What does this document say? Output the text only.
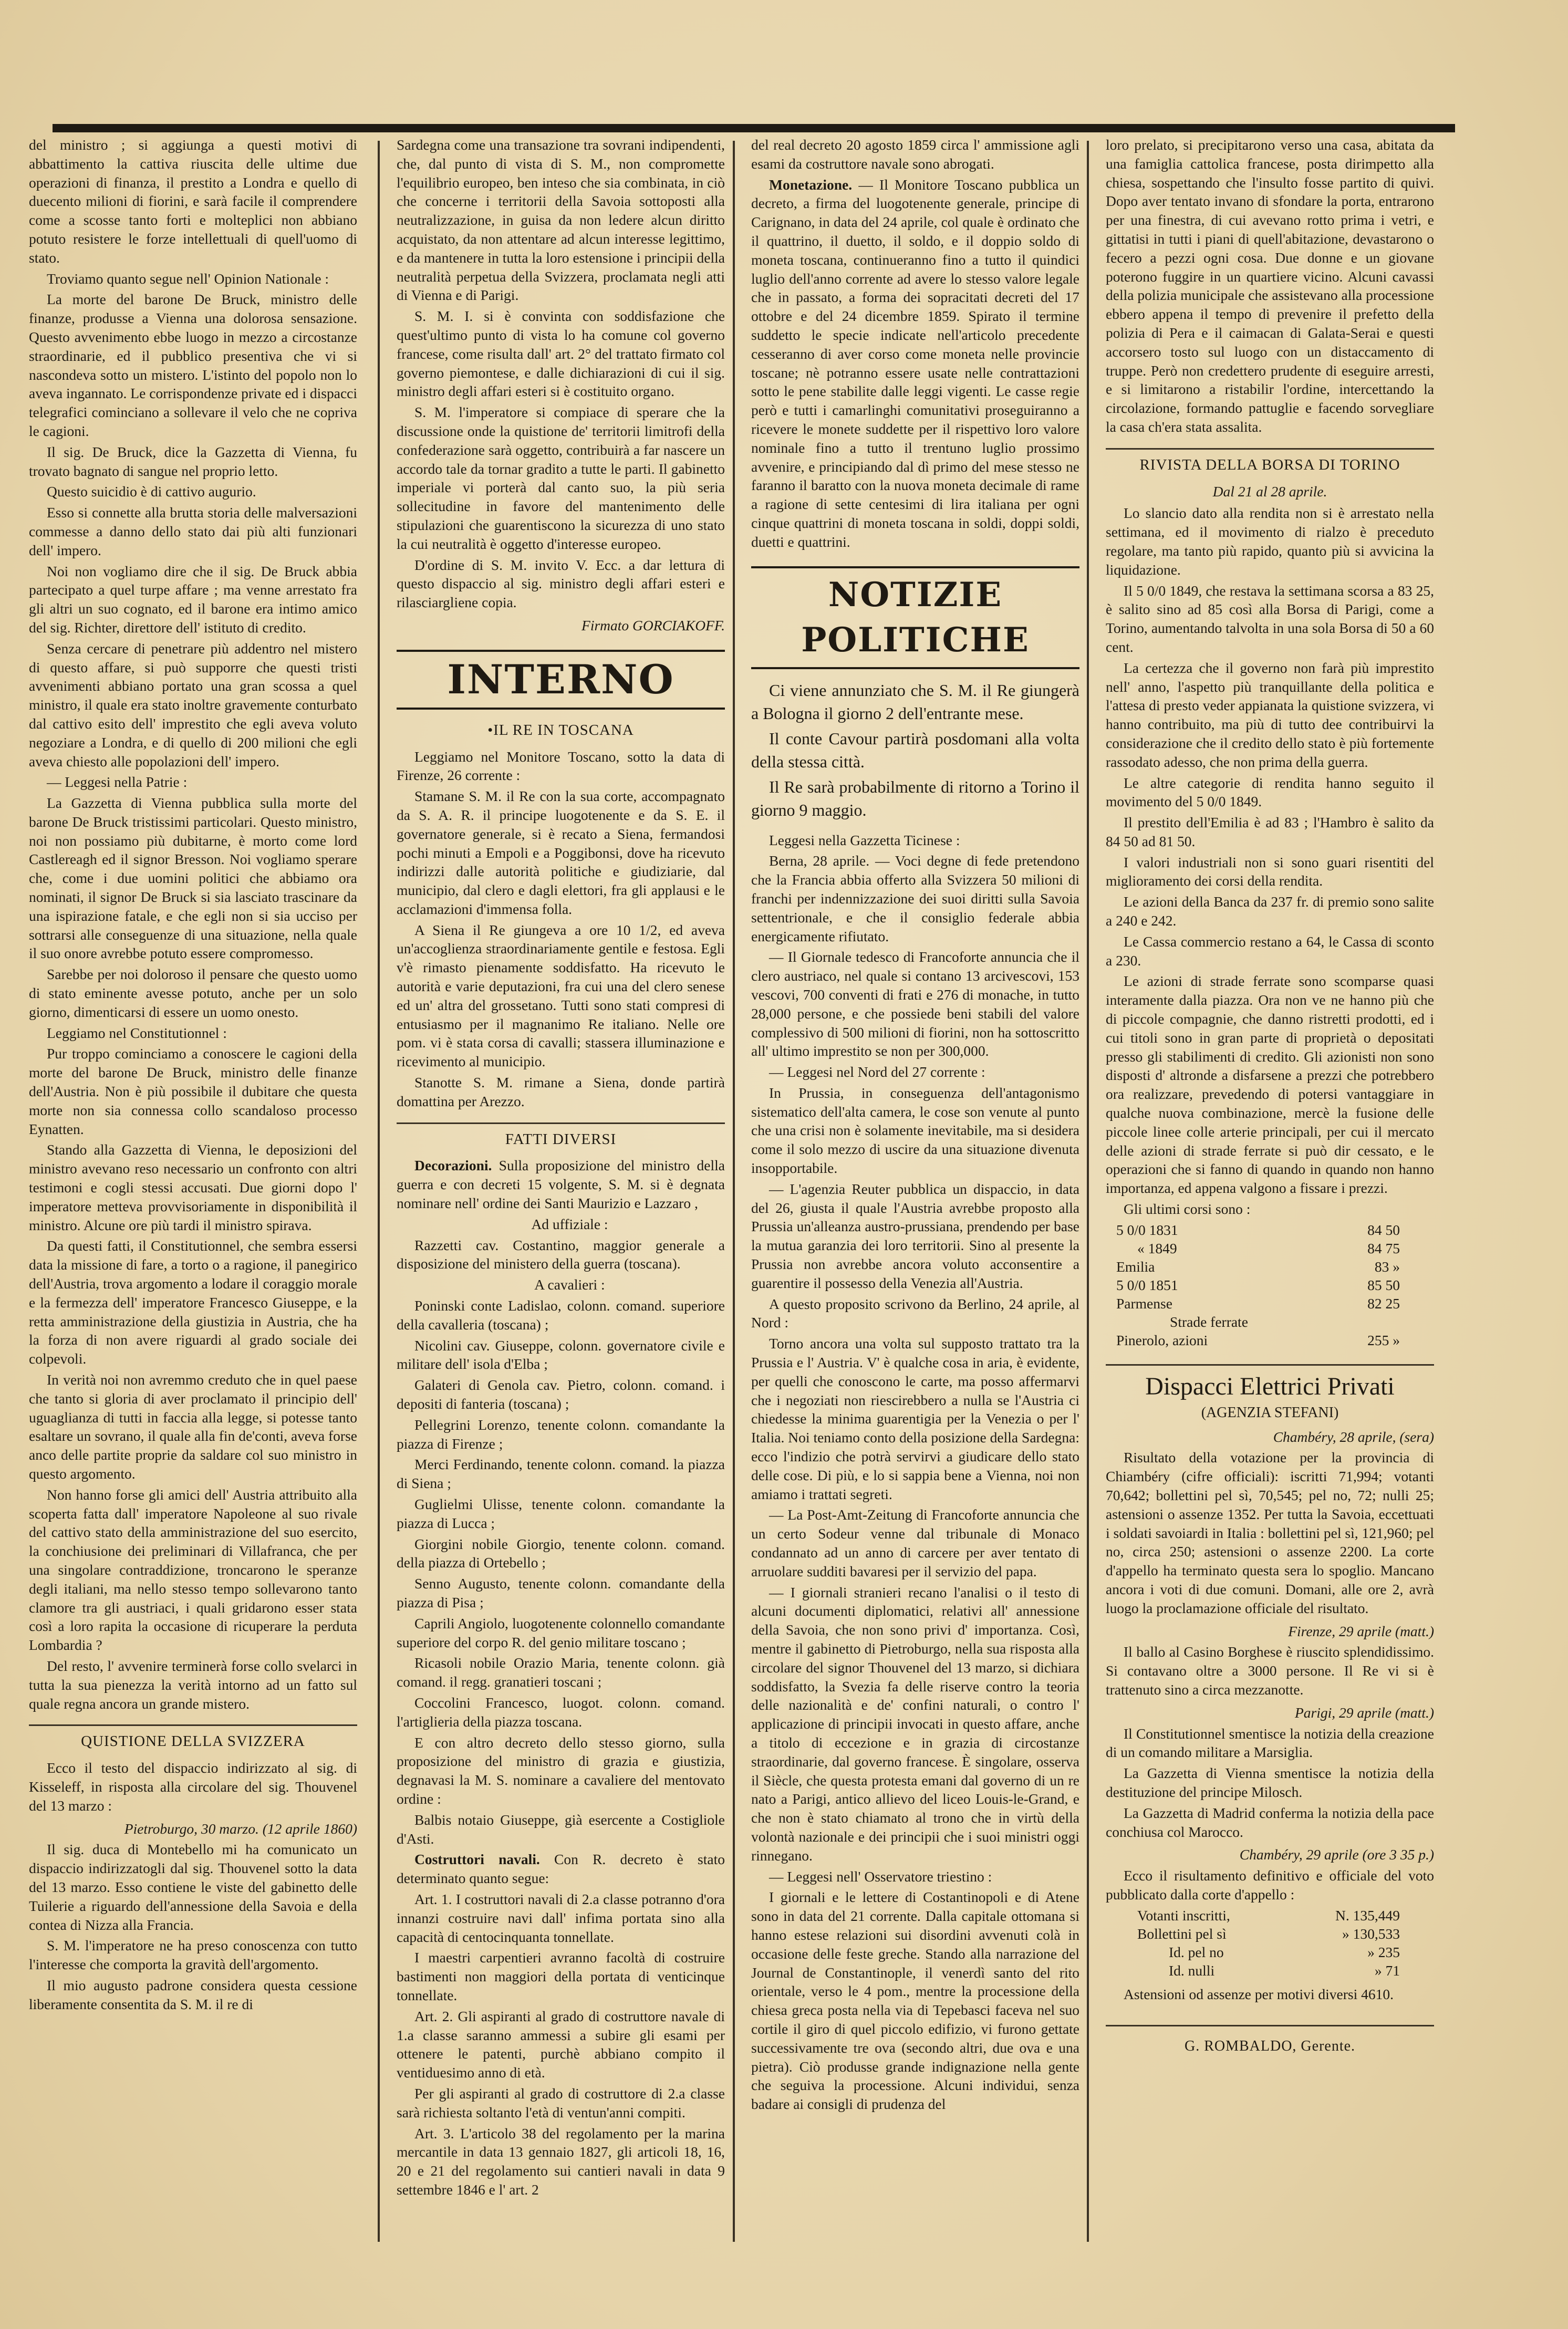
del ministro ; si aggiunga a questi motivi di abbattimento la cattiva riuscita delle ultime due operazioni di finanza, il prestito a Londra e quello di duecento milioni di fiorini, e sarà facile il comprendere come a scosse tanto forti e molteplici non abbiano potuto resistere le forze intellettuali di quell'uomo di stato.

Troviamo quanto segue nell' Opinion Nationale :

La morte del barone De Bruck, ministro delle finanze, produsse a Vienna una dolorosa sensazione. Questo avvenimento ebbe luogo in mezzo a circostanze straordinarie, ed il pubblico presentiva che vi si nascondeva sotto un mistero. L'istinto del popolo non lo aveva ingannato. Le corrispondenze private ed i dispacci telegrafici cominciano a sollevare il velo che ne copriva le cagioni.

Il sig. De Bruck, dice la Gazzetta di Vienna, fu trovato bagnato di sangue nel proprio letto.

Questo suicidio è di cattivo augurio.

Esso si connette alla brutta storia delle malversazioni commesse a danno dello stato dai più alti funzionari dell' impero.

Noi non vogliamo dire che il sig. De Bruck abbia partecipato a quel turpe affare ; ma venne arrestato fra gli altri un suo cognato, ed il barone era intimo amico del sig. Richter, direttore dell' istituto di credito.

Senza cercare di penetrare più addentro nel mistero di questo affare, si può supporre che questi tristi avvenimenti abbiano portato una gran scossa a quel ministro, il quale era stato inoltre gravemente conturbato dal cattivo esito dell' imprestito che egli aveva voluto negoziare a Londra, e di quello di 200 milioni che egli aveva chiesto alle popolazioni dell' impero.

— Leggesi nella Patrie :

La Gazzetta di Vienna pubblica sulla morte del barone De Bruck tristissimi particolari. Questo ministro, noi non possiamo più dubitarne, è morto come lord Castlereagh ed il signor Bresson. Noi vogliamo sperare che, come i due uomini politici che abbiamo ora nominati, il signor De Bruck si sia lasciato trascinare da una ispirazione fatale, e che egli non si sia ucciso per sottrarsi alle conseguenze di una situazione, nella quale il suo onore avrebbe potuto essere compromesso.

Sarebbe per noi doloroso il pensare che questo uomo di stato eminente avesse potuto, anche per un solo giorno, dimenticarsi di essere un uomo onesto.

Leggiamo nel Constitutionnel :

Pur troppo cominciamo a conoscere le cagioni della morte del barone De Bruck, ministro delle finanze dell'Austria. Non è più possibile il dubitare che questa morte non sia connessa collo scandaloso processo Eynatten.

Stando alla Gazzetta di Vienna, le deposizioni del ministro avevano reso necessario un confronto con altri testimoni e cogli stessi accusati. Due giorni dopo l' imperatore metteva provvisoriamente in disponibilità il ministro. Alcune ore più tardi il ministro spirava.

Da questi fatti, il Constitutionnel, che sembra essersi data la missione di fare, a torto o a ragione, il panegirico dell'Austria, trova argomento a lodare il coraggio morale e la fermezza dell' imperatore Francesco Giuseppe, e la retta amministrazione della giustizia in Austria, che ha la forza di non avere riguardi al grado sociale dei colpevoli.

In verità noi non avremmo creduto che in quel paese che tanto si gloria di aver proclamato il principio dell' uguaglianza di tutti in faccia alla legge, si potesse tanto esaltare un sovrano, il quale alla fin de'conti, aveva forse anco delle partite proprie da saldare col suo ministro in questo argomento.

Non hanno forse gli amici dell' Austria attribuito alla scoperta fatta dall' imperatore Napoleone al suo rivale del cattivo stato della amministrazione del suo esercito, la conchiusione dei preliminari di Villafranca, che per una singolare contraddizione, troncarono le speranze degli italiani, ma nello stesso tempo sollevarono tanto clamore tra gli austriaci, i quali gridarono esser stata così a loro rapita la occasione di ricuperare la perduta Lombardia ?

Del resto, l' avvenire terminerà forse collo svelarci in tutta la sua pienezza la verità intorno ad un fatto sul quale regna ancora un grande mistero.

QUISTIONE DELLA SVIZZERA

Ecco il testo del dispaccio indirizzato al sig. di Kisseleff, in risposta alla circolare del sig. Thouvenel del 13 marzo :

Pietroburgo, 30 marzo. (12 aprile 1860)

Il sig. duca di Montebello mi ha comunicato un dispaccio indirizzatogli dal sig. Thouvenel sotto la data del 13 marzo. Esso contiene le viste del gabinetto delle Tuilerie a riguardo dell'annessione della Savoia e della contea di Nizza alla Francia.

S. M. l'imperatore ne ha preso conoscenza con tutto l'interesse che comporta la gravità dell'argomento.

Il mio augusto padrone considera questa cessione liberamente consentita da S. M. il re di

Sardegna come una transazione tra sovrani indipendenti, che, dal punto di vista di S. M., non compromette l'equilibrio europeo, ben inteso che sia combinata, in ciò che concerne i territorii della Savoia sottoposti alla neutralizzazione, in guisa da non ledere alcun diritto acquistato, da non attentare ad alcun interesse legittimo, e da mantenere in tutta la loro estensione i principii della neutralità perpetua della Svizzera, proclamata negli atti di Vienna e di Parigi.

S. M. I. si è convinta con soddisfazione che quest'ultimo punto di vista lo ha comune col governo francese, come risulta dall' art. 2° del trattato firmato col governo piemontese, e dalle dichiarazioni di cui il sig. ministro degli affari esteri si è costituito organo.

S. M. l'imperatore si compiace di sperare che la discussione onde la quistione de' territorii limitrofi della confederazione sarà oggetto, contribuirà a far nascere un accordo tale da tornar gradito a tutte le parti. Il gabinetto imperiale vi porterà dal canto suo, la più seria sollecitudine in favore del mantenimento delle stipulazioni che guarentiscono la sicurezza di uno stato la cui neutralità è oggetto d'interesse europeo.

D'ordine di S. M. invito V. Ecc. a dar lettura di questo dispaccio al sig. ministro degli affari esteri e rilasciargliene copia.

Firmato GORCIAKOFF.
INTERNO
•IL RE IN TOSCANA

Leggiamo nel Monitore Toscano, sotto la data di Firenze, 26 corrente :

Stamane S. M. il Re con la sua corte, accompagnato da S. A. R. il principe luogotenente e da S. E. il governatore generale, si è recato a Siena, fermandosi pochi minuti a Empoli e a Poggibonsi, dove ha ricevuto indirizzi dalle autorità politiche e giudiziarie, dal municipio, dal clero e dagli elettori, fra gli applausi e le acclamazioni d'immensa folla.

A Siena il Re giungeva a ore 10 1/2, ed aveva un'accoglienza straordinariamente gentile e festosa. Egli v'è rimasto pienamente soddisfatto. Ha ricevuto le autorità e varie deputazioni, fra cui una del clero senese ed un' altra del grossetano. Tutti sono stati compresi di entusiasmo per il magnanimo Re italiano. Nelle ore pom. vi è stata corsa di cavalli; stassera illuminazione e ricevimento al municipio.

Stanotte S. M. rimane a Siena, donde partirà domattina per Arezzo.

FATTI DIVERSI

Decorazioni. Sulla proposizione del ministro della guerra e con decreti 15 volgente, S. M. si è degnata nominare nell' ordine dei Santi Maurizio e Lazzaro ,

Ad uffiziale :

Razzetti cav. Costantino, maggior generale a disposizione del ministero della guerra (toscana).

A cavalieri :

Poninski conte Ladislao, colonn. comand. superiore della cavalleria (toscana) ;

Nicolini cav. Giuseppe, colonn. governatore civile e militare dell' isola d'Elba ;

Galateri di Genola cav. Pietro, colonn. comand. i depositi di fanteria (toscana) ;

Pellegrini Lorenzo, tenente colonn. comandante la piazza di Firenze ;

Merci Ferdinando, tenente colonn. comand. la piazza di Siena ;

Guglielmi Ulisse, tenente colonn. comandante la piazza di Lucca ;

Giorgini nobile Giorgio, tenente colonn. comand. della piazza di Ortebello ;

Senno Augusto, tenente colonn. comandante della piazza di Pisa ;

Caprili Angiolo, luogotenente colonnello comandante superiore del corpo R. del genio militare toscano ;

Ricasoli nobile Orazio Maria, tenente colonn. già comand. il regg. granatieri toscani ;

Coccolini Francesco, luogot. colonn. comand. l'artiglieria della piazza toscana.

E con altro decreto dello stesso giorno, sulla proposizione del ministro di grazia e giustizia, degnavasi la M. S. nominare a cavaliere del mentovato ordine :

Balbis notaio Giuseppe, già esercente a Costigliole d'Asti.

Costruttori navali. Con R. decreto è stato determinato quanto segue:

Art. 1. I costruttori navali di 2.a classe potranno d'ora innanzi costruire navi dall' infima portata sino alla capacità di centocinquanta tonnellate.

I maestri carpentieri avranno facoltà di costruire bastimenti non maggiori della portata di venticinque tonnellate.

Art. 2. Gli aspiranti al grado di costruttore navale di 1.a classe saranno ammessi a subire gli esami per ottenere le patenti, purchè abbiano compito il ventiduesimo anno di età.

Per gli aspiranti al grado di costruttore di 2.a classe sarà richiesta soltanto l'età di ventun'anni compiti.

Art. 3. L'articolo 38 del regolamento per la marina mercantile in data 13 gennaio 1827, gli articoli 18, 16, 20 e 21 del regolamento sui cantieri navali in data 9 settembre 1846 e l' art. 2

del real decreto 20 agosto 1859 circa l' ammissione agli esami da costruttore navale sono abrogati.

Monetazione. — Il Monitore Toscano pubblica un decreto, a firma del luogotenente generale, principe di Carignano, in data del 24 aprile, col quale è ordinato che il quattrino, il duetto, il soldo, e il doppio soldo di moneta toscana, continueranno fino a tutto il quindici luglio dell'anno corrente ad avere lo stesso valore legale che in passato, a forma dei sopracitati decreti del 17 ottobre e del 24 dicembre 1859. Spirato il termine suddetto le specie indicate nell'articolo precedente cesseranno di aver corso come moneta nelle provincie toscane; nè potranno essere usate nelle contrattazioni sotto le pene stabilite dalle leggi vigenti. Le casse regie però e tutti i camarlinghi comunitativi proseguiranno a ricevere le monete suddette per il rispettivo loro valore nominale fino a tutto il trentuno luglio prossimo avvenire, e principiando dal dì primo del mese stesso ne faranno il baratto con la nuova moneta decimale di rame a ragione di sette centesimi di lira italiana per ogni cinque quattrini di moneta toscana in soldi, doppi soldi, duetti e quattrini.

NOTIZIE POLITICHE

Ci viene annunziato che S. M. il Re giungerà a Bologna il giorno 2 dell'entrante mese.

Il conte Cavour partirà posdomani alla volta della stessa città.

Il Re sarà probabilmente di ritorno a Torino il giorno 9 maggio.

Leggesi nella Gazzetta Ticinese :

Berna, 28 aprile. — Voci degne di fede pretendono che la Francia abbia offerto alla Svizzera 50 milioni di franchi per indennizzazione dei suoi diritti sulla Savoia settentrionale, e che il consiglio federale abbia energicamente rifiutato.

— Il Giornale tedesco di Francoforte annuncia che il clero austriaco, nel quale si contano 13 arcivescovi, 153 vescovi, 700 conventi di frati e 276 di monache, in tutto 28,000 persone, e che possiede beni stabili del valore complessivo di 500 milioni di fiorini, non ha sottoscritto all' ultimo imprestito se non per 300,000.

— Leggesi nel Nord del 27 corrente :

In Prussia, in conseguenza dell'antagonismo sistematico dell'alta camera, le cose son venute al punto che una crisi non è solamente inevitabile, ma si desidera come il solo mezzo di uscire da una situazione divenuta insopportabile.

— L'agenzia Reuter pubblica un dispaccio, in data del 26, giusta il quale l'Austria avrebbe proposto alla Prussia un'alleanza austro-prussiana, prendendo per base la mutua garanzia dei loro territorii. Sino al presente la Prussia non avrebbe ancora voluto acconsentire a guarentire il possesso della Venezia all'Austria.

A questo proposito scrivono da Berlino, 24 aprile, al Nord :

Torno ancora una volta sul supposto trattato tra la Prussia e l' Austria. V' è qualche cosa in aria, è evidente, per quelli che conoscono le carte, ma posso affermarvi che i negoziati non riescirebbero a nulla se l'Austria ci chiedesse la minima guarentigia per la Venezia o per l' Italia. Noi teniamo conto della posizione della Sardegna: ecco l'indizio che potrà servirvi a giudicare dello stato delle cose. Di più, e lo si sappia bene a Vienna, noi non amiamo i trattati segreti.

— La Post-Amt-Zeitung di Francoforte annuncia che un certo Sodeur venne dal tribunale di Monaco condannato ad un anno di carcere per aver tentato di arruolare sudditi bavaresi per il servizio del papa.

— I giornali stranieri recano l'analisi o il testo di alcuni documenti diplomatici, relativi all' annessione della Savoia, che non sono privi d' importanza. Così, mentre il gabinetto di Pietroburgo, nella sua risposta alla circolare del signor Thouvenel del 13 marzo, si dichiara soddisfatto, la Svezia fa delle riserve contro la teoria delle nazionalità e de' confini naturali, o contro l' applicazione di principii invocati in questo affare, anche a titolo di eccezione e in grazia di circostanze straordinarie, dal governo francese. È singolare, osserva il Siècle, che questa protesta emani dal governo di un re nato a Parigi, antico allievo del liceo Louis-le-Grand, e che non è stato chiamato al trono che in virtù della volontà nazionale e dei principii che i suoi ministri oggi rinnegano.

— Leggesi nell' Osservatore triestino :

I giornali e le lettere di Costantinopoli e di Atene sono in data del 21 corrente. Dalla capitale ottomana si hanno estese relazioni sui disordini avvenuti colà in occasione delle feste greche. Stando alla narrazione del Journal de Constantinople, il venerdì santo del rito orientale, verso le 4 pom., mentre la processione della chiesa greca posta nella via di Tepebasci faceva nel suo cortile il giro di quel piccolo edifizio, vi furono gettate successivamente tre ova (secondo altri, due ova e una pietra). Ciò produsse grande indignazione nella gente che seguiva la processione. Alcuni individui, senza badare ai consigli di prudenza del

loro prelato, si precipitarono verso una casa, abitata da una famiglia cattolica francese, posta dirimpetto alla chiesa, sospettando che l'insulto fosse partito di quivi. Dopo aver tentato invano di sfondare la porta, entrarono per una finestra, di cui avevano rotto prima i vetri, e gittatisi in tutti i piani di quell'abitazione, devastarono o fecero a pezzi ogni cosa. Due donne e un giovane poterono fuggire in un quartiere vicino. Alcuni cavassi della polizia municipale che assistevano alla processione ebbero appena il tempo di prevenire il prefetto della polizia di Pera e il caimacan di Galata-Serai e questi accorsero tosto sul luogo con un distaccamento di truppe. Però non credettero prudente di eseguire arresti, e si limitarono a ristabilir l'ordine, intercettando la circolazione, formando pattuglie e facendo sorvegliare la casa ch'era stata assalita.

RIVISTA DELLA BORSA DI TORINO
Dal 21 al 28 aprile.

Lo slancio dato alla rendita non si è arrestato nella settimana, ed il movimento di rialzo è preceduto regolare, ma tanto più rapido, quanto più si avvicina la liquidazione.

Il 5 0/0 1849, che restava la settimana scorsa a 83 25, è salito sino ad 85 così alla Borsa di Parigi, come a Torino, aumentando talvolta in una sola Borsa di 50 a 60 cent.

La certezza che il governo non farà più imprestito nell' anno, l'aspetto più tranquillante della politica e l'attesa di presto veder appianata la quistione svizzera, vi hanno contribuito, ma più di tutto dee contribuirvi la considerazione che il credito dello stato è più fortemente rassodato adesso, che non prima della guerra.

Le altre categorie di rendita hanno seguito il movimento del 5 0/0 1849.

Il prestito dell'Emilia è ad 83 ; l'Hambro è salito da 84 50 ad 81 50.

I valori industriali non si sono guari risentiti del miglioramento dei corsi della rendita.

Le azioni della Banca da 237 fr. di premio sono salite a 240 e 242.

Le Cassa commercio restano a 64, le Cassa di sconto a 230.

Le azioni di strade ferrate sono scomparse quasi interamente dalla piazza. Ora non ve ne hanno più che di piccole compagnie, che danno ristretti prodotti, ed i cui titoli sono in gran parte di proprietà o depositati presso gli stabilimenti di credito. Gli azionisti non sono disposti d' altronde a disfarsene a prezzi che potrebbero ora realizzare, prevedendo di potersi vantaggiare in qualche nuova combinazione, mercè la fusione delle piccole linee colle arterie principali, per cui il mercato delle azioni di strade ferrate si può dir cessato, e le operazioni che si fanno di quando in quando non hanno importanza, ed appena valgono a fissare i prezzi.

Gli ultimi corsi sono :

5 0/0 1831	84 50
« 1849	84 75
Emilia	83 »
5 0/0 1851	85 50
Parmense	82 25
Strade ferrate	
Pinerolo, azioni	255 »
Dispacci Elettrici Privati
(AGENZIA STEFANI)
Chambéry, 28 aprile, (sera)

Risultato della votazione per la provincia di Chiambéry (cifre officiali): iscritti 71,994; votanti 70,642; bollettini pel sì, 70,545; pel no, 72; nulli 25; astensioni o assenze 1352. Per tutta la Savoia, eccettuati i soldati savoiardi in Italia : bollettini pel sì, 121,960; pel no, circa 250; astensioni o assenze 2200. La corte d'appello ha terminato questa sera lo spoglio. Mancano ancora i voti di due comuni. Domani, alle ore 2, avrà luogo la proclamazione officiale del risultato.

Firenze, 29 aprile (matt.)

Il ballo al Casino Borghese è riuscito splendidissimo. Si contavano oltre a 3000 persone. Il Re vi si è trattenuto sino a circa mezzanotte.

Parigi, 29 aprile (matt.)

Il Constitutionnel smentisce la notizia della creazione di un comando militare a Marsiglia.

La Gazzetta di Vienna smentisce la notizia della destituzione del principe Milosch.

La Gazzetta di Madrid conferma la notizia della pace conchiusa col Marocco.

Chambéry, 29 aprile (ore 3 35 p.)

Ecco il risultamento definitivo e officiale del voto pubblicato dalla corte d'appello :

Votanti inscritti,	N. 135,449
Bollettini pel sì	» 130,533
Id. pel no	» 235
Id. nulli	» 71

Astensioni od assenze per motivi diversi 4610.

G. ROMBALDO, Gerente.
